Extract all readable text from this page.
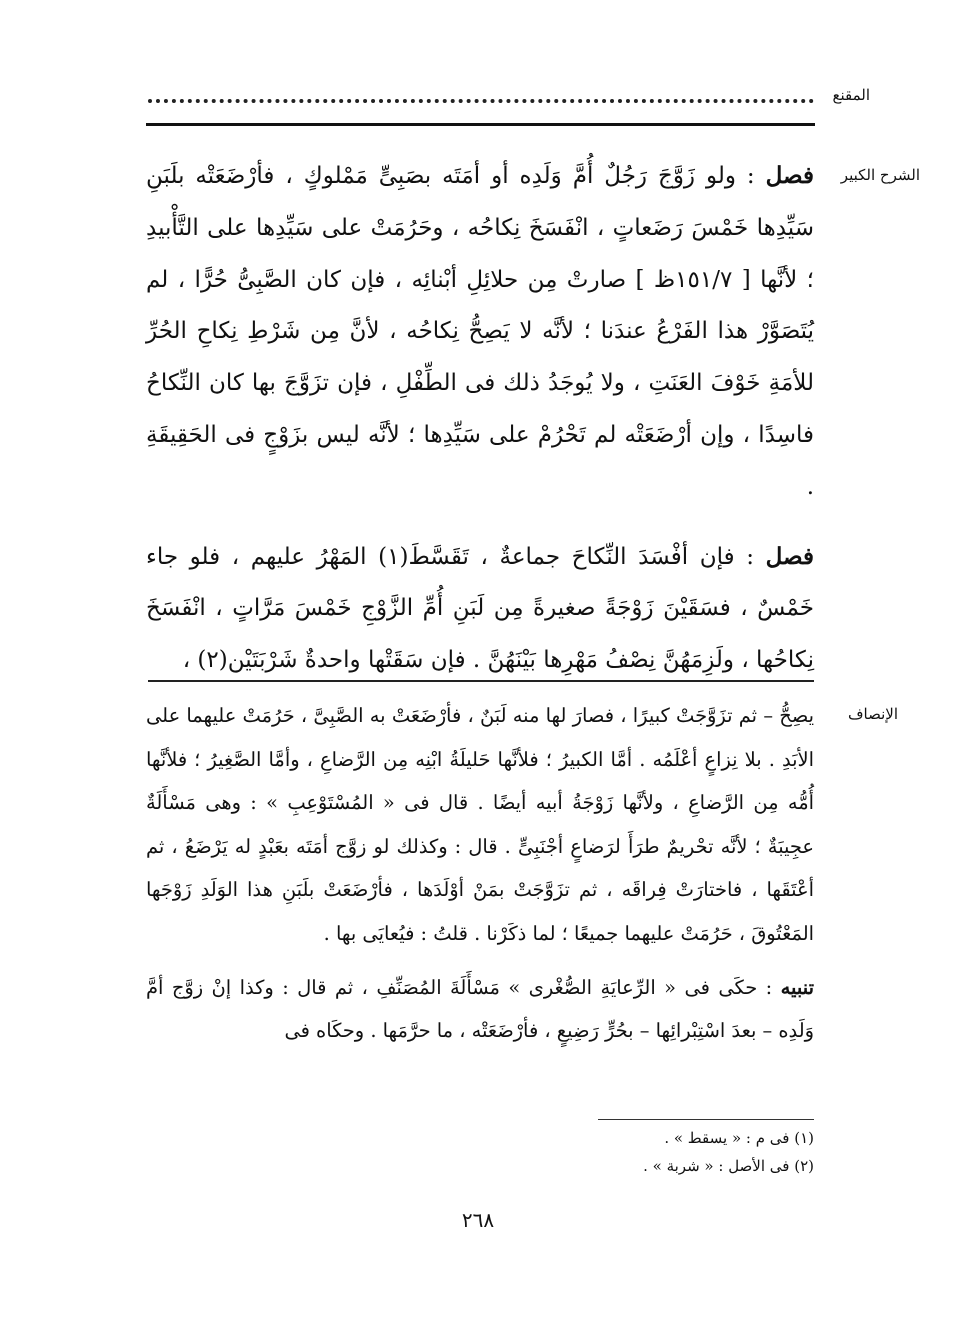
المقنع
الشرح الكبير

فصل : ولو زَوَّجَ رَجُلٌ أُمَّ وَلَدِه أو أمَتَه بصَبِىٍّ مَمْلوكٍ ، فأرْضَعَتْه بلَبَنِ سَيِّدِها خَمْسَ رَضَعاتٍ ، انْفَسَخَ نِكاحُه ، وحَرُمَتْ على سَيِّدِها على التَّأْبيدِ ؛ لأنَّها [ ١٥١/٧ظ ] صارتْ مِن حلائِلِ أبْنائِه ، فإن كان الصَّبِىُّ حُرًّا ، لم يُتَصَوَّرْ هذا الفَرْعُ عندَنا ؛ لأنَّه لا يَصِحُّ نِكاحُه ، لأنَّ مِن شَرْطِ نِكاحِ الحُرِّ للأمَةِ خَوْفَ العَنَتِ ، ولا يُوجَدُ ذلك فى الطِّفْلِ ، فإن تزَوَّجَ بها كان النِّكاحُ فاسِدًا ، وإن أرْضَعَتْه لم تَحْرُمْ على سَيِّدِها ؛ لأنَّه ليس بزَوْجٍ فى الحَقِيقَةِ .

فصل : فإن أفْسَدَ النِّكاحَ جماعةٌ ، تَقَسَّطَ(١) المَهْرُ عليهم ، فلو جاء خَمْسٌ ، فسَقَيْنَ زَوْجَةً صغيرةً مِن لَبَنِ أُمِّ الزَّوْجِ خَمْسَ مَرَّاتٍ ، انْفَسَخَ نِكاحُها ، ولَزِمَهُنَّ نِصْفُ مَهْرِها بَيْنَهُنَّ . فإن سَقَتْها واحدةٌ شَرْبَتَيْن(٢) ،

الإنصاف

يصِحُّ – ثم تزَوَّجَتْ كبيرًا ، فصارَ لها منه لَبَنٌ ، فأرْضَعَتْ به الصَّبِىَّ ، حَرُمَتْ عليهما على الأبَدِ . بلا نِزاعٍ أعْلَمُه . أمَّا الكبيرُ ؛ فلأنَّها حَليلَةُ ابْنِه مِن الرَّضاعِ ، وأمَّا الصَّغِيرُ ؛ فلأنَّها أُمُّه مِن الرَّضاعِ ، ولأنَّها زَوْجَةُ أبيه أيضًا . قال فى « المُسْتَوْعِبِ » : وهى مَسْأَلَةٌ عجِيبَةٌ ؛ لأنَّه تحْريمٌ طرَأَ لرَضاعٍ أجْنَبِىٍّ . قال : وكذلك لو زوَّج أمَتَه بعَبْدٍ له يَرْضَعُ ، ثم أعْتَقَها ، فاختارَتْ فِراقَه ، ثم تزَوَّجَتْ بمَنْ أوْلَدَها ، فأرْضَعَتْ بلَبَنِ هذا الوَلَدِ زَوْجَها المَعْتُوقَ ، حَرُمَتْ عليهما جميعًا ؛ لما ذكَرْنا . قلتُ : فيُعايَى بها .

تنبيه : حكَى فى « الرِّعايَةِ الصُّغْرى » مَسْأَلَةَ المُصَنِّفِ ، ثم قال : وكذا إنْ زوَّج أمَّ وَلَدِه – بعدَ اسْتِبْرائِها – بحُرٍّ رَضِيعٍ ، فأرْضَعَتْه ، ما حرَّمَها . وحكَاه فى

(١) فى م : « يسقط » .
(٢) فى الأصل : « شربة » .
٢٦٨
